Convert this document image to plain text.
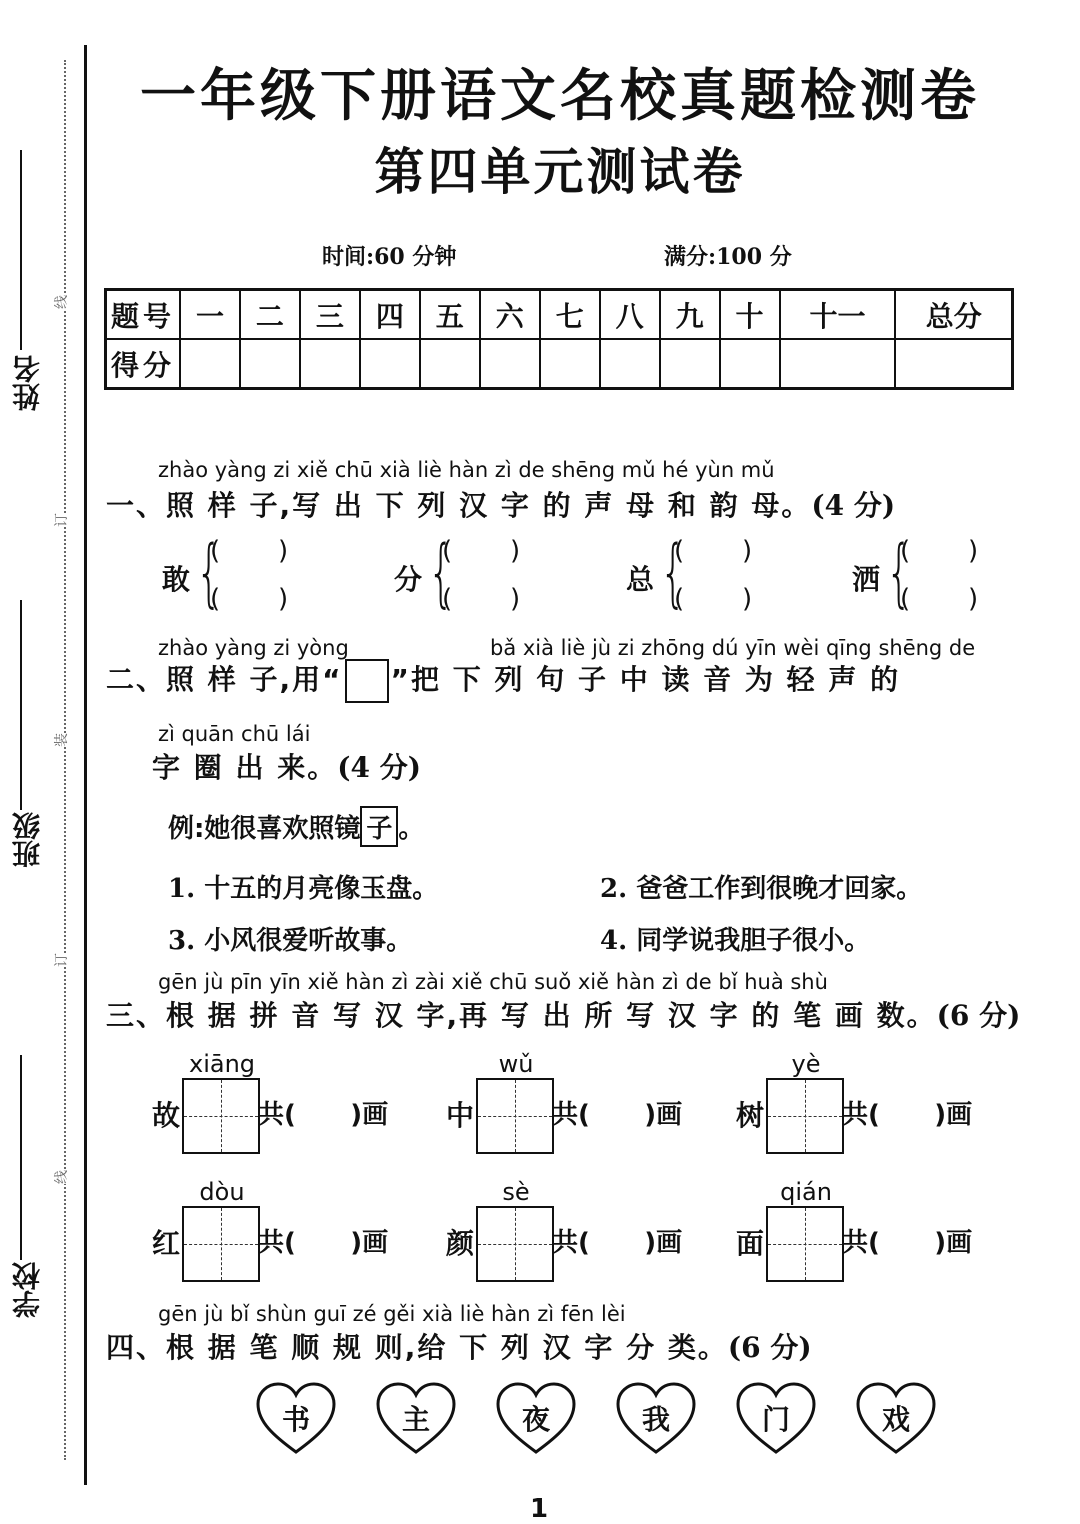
姓名
班级
学校
线
订
装
订
线
一年级下册语文名校真题检测卷
第四单元测试卷
时间:60 分钟	满分:100 分
题号	一	二	三	四	五	六	七	八	九	十	十一	总分
得分												
zhào yàng zi xiě chū xià liè hàn zì de shēng mǔ hé yùn mǔ
一、照 样 子,写 出 下 列 汉 字 的 声 母 和 韵 母。(4 分)
敢 {
(       )
(       )
分 {
(       )
(       )
总 {
(       )
(       )
洒 {
(       )
(       )
zhào yàng zi yòng	bǎ xià liè jù zi zhōng dú yīn wèi qīng shēng de
二、照 样 子,用“ ”把 下 列 句 子 中 读 音 为 轻 声 的
zì quān chū lái
字 圈 出 来。(4 分)
例:她很喜欢照镜 子 。
1. 十五的月亮像玉盘。	2. 爸爸工作到很晚才回家。
3. 小风很爱听故事。	4. 同学说我胆子很小。
gēn jù pīn yīn xiě hàn zì zài xiě chū suǒ xiě hàn zì de bǐ huà shù
三、根 据 拼 音 写 汉 字,再 写 出 所 写 汉 字 的 笔 画 数。(6 分)
xiāng
故	共(      )画
wǔ
中	共(      )画
yè
树	共(      )画
dòu
红	共(      )画
sè
颜	共(      )画
qián
面	共(      )画
gēn jù bǐ shùn guī zé gěi xià liè hàn zì fēn lèi
四、根 据 笔 顺 规 则,给 下 列 汉 字 分 类。(6 分)
书	主	夜	我	门	戏
1
